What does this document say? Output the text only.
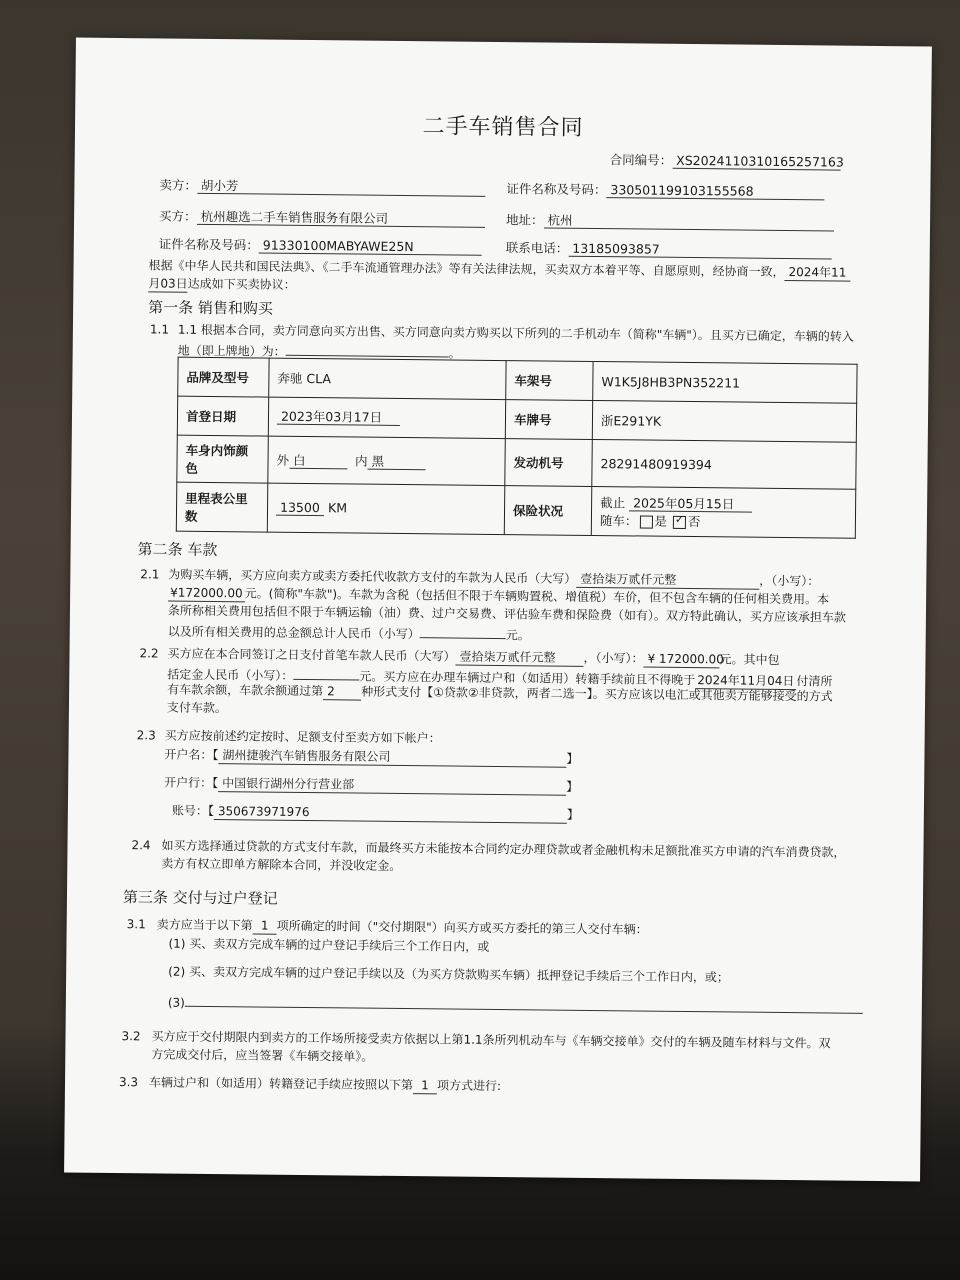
二手车销售合同
合同编号： XS2024110310165257163
卖方： 胡小芳	证件名称及号码： 330501199103155568
买方： 杭州趣选二手车销售服务有限公司	地址： 杭州
证件名称及号码： 91330100MABYAWE25N	联系电话： 13185093857
根据《中华人民共和国民法典》、《二手车流通管理办法》等有关法律法规，买卖双方本着平等、自愿原则，经协商一致， 2024年11
月03日达成如下买卖协议：
第一条 销售和购买
1.1 1.1 根据本合同，卖方同意向买方出售、买方同意向卖方购买以下所列的二手机动车（简称"车辆"）。且买方已确定，车辆的转入
地（即上牌地）为：	。
品牌及型号	奔驰 CLA	车架号	W1K5J8HB3PN352211
首登日期	2023年03月17日	车牌号	浙E291YK
车身内饰颜
色	外 白 内 黑	发动机号	28291480919394
里程表公里
数	13500 KM	保险状况	截止 2025年05月15日
随车： 是 ✓ 否
第二条 车款
2.1 为购买车辆，买方应向卖方或卖方委托代收款方支付的车款为人民币（大写） 壹拾柒万贰仟元整	，（小写）：
¥172000.00 元。(简称"车款")。车款为含税（包括但不限于车辆购置税、增值税）车价，但不包含车辆的任何相关费用。本
条所称相关费用包括但不限于车辆运输（油）费、过户交易费、评估验车费和保险费（如有）。双方特此确认，买方应该承担车款
以及所有相关费用的总金额总计人民币（小写）	元。
2.2 买方应在本合同签订之日支付首笔车款人民币（大写） 壹拾柒万贰仟元整 ，（小写）： ¥ 172000.00元。其中包
括定金人民币（小写）：	元。买方应在办理车辆过户和（如适用）转籍手续前且不得晚于 2024年11月04日 付清所
有车款余额，车款余额通过第 2 种形式支付【①贷款②非贷款，两者二选一】。买方应该以电汇或其他卖方能够接受的方式
支付车款。
2.3 买方应按前述约定按时、足额支付至卖方如下帐户：
开户名：【 湖州捷骏汽车销售服务有限公司	】
开户行：【 中国银行湖州分行营业部	】
账号：【 350673971976	】
2.4 如买方选择通过贷款的方式支付车款，而最终买方未能按本合同约定办理贷款或者金融机构未足额批准买方申请的汽车消费贷款，
卖方有权立即单方解除本合同，并没收定金。
第三条 交付与过户登记
3.1 卖方应当于以下第 1 项所确定的时间（"交付期限"）向买方或买方委托的第三人交付车辆：
(1) 买、卖双方完成车辆的过户登记手续后三个工作日内，或
(2) 买、卖双方完成车辆的过户登记手续以及（为买方贷款购买车辆）抵押登记手续后三个工作日内，或；
(3)
3.2 买方应于交付期限内到卖方的工作场所接受卖方依据以上第1.1条所列机动车与《车辆交接单》交付的车辆及随车材料与文件。双
方完成交付后，应当签署《车辆交接单》。
3.3 车辆过户和（如适用）转籍登记手续应按照以下第 1 项方式进行:
